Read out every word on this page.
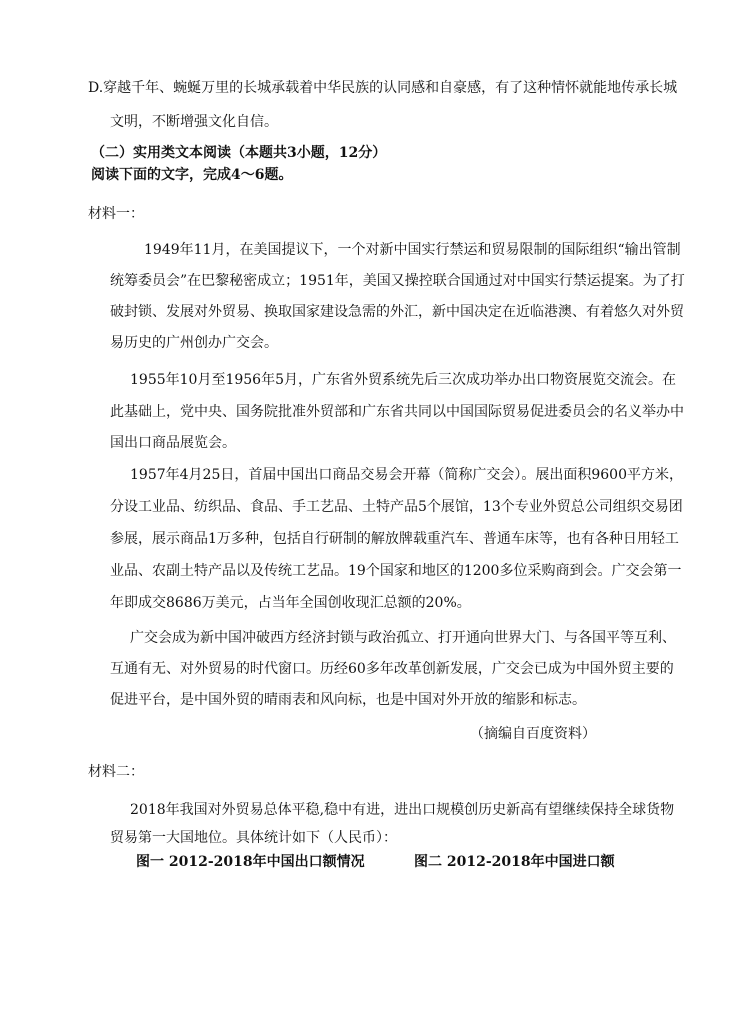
D.穿越千年、蜿蜒万里的长城承载着中华民族的认同感和自豪感，有了这种情怀就能地传承长城
文明，不断增强文化自信。
（二）实用类文本阅读（本题共3小题，12分）
阅读下面的文字，完成4～6题。
材料一：
1949年11月，在美国提议下，一个对新中国实行禁运和贸易限制的国际组织“输出管制
统筹委员会”在巴黎秘密成立；1951年，美国又操控联合国通过对中国实行禁运提案。为了打
破封锁、发展对外贸易、换取国家建设急需的外汇，新中国决定在近临港澳、有着悠久对外贸
易历史的广州创办广交会。
1955年10月至1956年5月，广东省外贸系统先后三次成功举办出口物资展览交流会。在
此基础上，党中央、国务院批准外贸部和广东省共同以中国国际贸易促进委员会的名义举办中
国出口商品展览会。
1957年4月25日，首届中国出口商品交易会开幕（简称广交会）。展出面积9600平方米，
分设工业品、纺织品、食品、手工艺品、土特产品5个展馆，13个专业外贸总公司组织交易团
参展，展示商品1万多种，包括自行研制的解放牌载重汽车、普通车床等，也有各种日用轻工
业品、农副土特产品以及传统工艺品。19个国家和地区的1200多位采购商到会。广交会第一
年即成交8686万美元，占当年全国创收现汇总额的20%。
广交会成为新中国冲破西方经济封锁与政治孤立、打开通向世界大门、与各国平等互利、
互通有无、对外贸易的时代窗口。历经60多年改革创新发展，广交会已成为中国外贸主要的
促进平台，是中国外贸的晴雨表和风向标，也是中国对外开放的缩影和标志。
（摘编自百度资料）
材料二：
2018年我国对外贸易总体平稳,稳中有进，进出口规模创历史新高有望继续保持全球货物
贸易第一大国地位。具体统计如下（人民币）：
图一 2012-2018年中国出口额情况	图二 2012-2018年中国进口额
